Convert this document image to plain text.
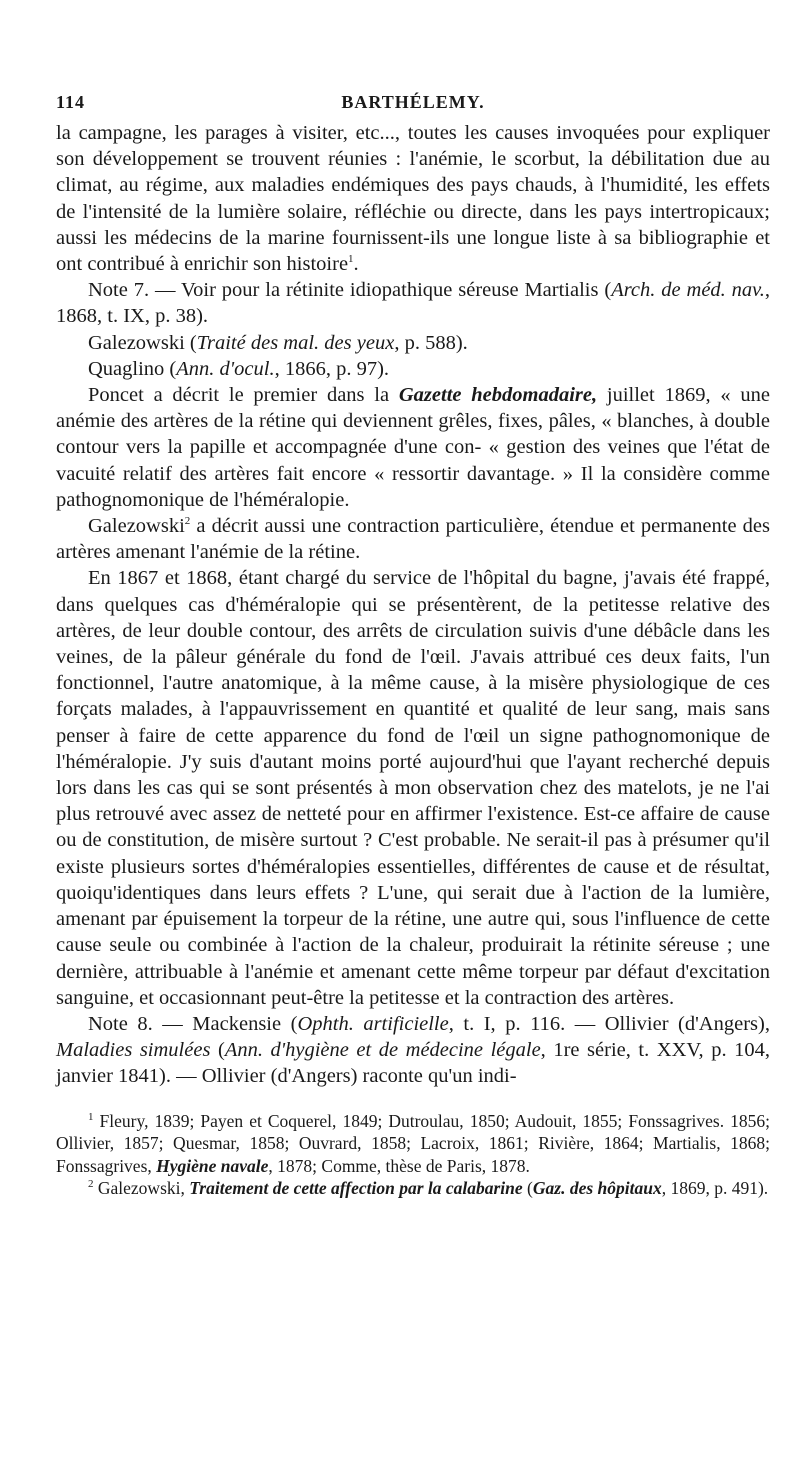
114	BARTHÉLEMY.

la campagne, les parages à visiter, etc..., toutes les causes invoquées pour expliquer son développement se trouvent réunies : l'anémie, le scorbut, la débilitation due au climat, au régime, aux maladies endémiques des pays chauds, à l'humidité, les effets de l'intensité de la lumière solaire, réfléchie ou directe, dans les pays intertropicaux; aussi les médecins de la marine fournissent-ils une longue liste à sa bibliographie et ont contribué à enrichir son histoire$^1$.

Note 7. — Voir pour la rétinite idiopathique séreuse Martialis (Arch. de méd. nav., 1868, t. IX, p. 38).

Galezowski (Traité des mal. des yeux, p. 588).

Quaglino (Ann. d'ocul., 1866, p. 97).

Poncet a décrit le premier dans la Gazette hebdomadaire, juillet 1869, « une anémie des artères de la rétine qui deviennent grêles, fixes, pâles, « blanches, à double contour vers la papille et accompagnée d'une con- « gestion des veines que l'état de vacuité relatif des artères fait encore « ressortir davantage. » Il la considère comme pathognomonique de l'héméralopie.

Galezowski$^2$ a décrit aussi une contraction particulière, étendue et permanente des artères amenant l'anémie de la rétine.

En 1867 et 1868, étant chargé du service de l'hôpital du bagne, j'avais été frappé, dans quelques cas d'héméralopie qui se présentèrent, de la petitesse relative des artères, de leur double contour, des arrêts de circulation suivis d'une débâcle dans les veines, de la pâleur générale du fond de l'œil. J'avais attribué ces deux faits, l'un fonctionnel, l'autre anatomique, à la même cause, à la misère physiologique de ces forçats malades, à l'appauvrissement en quantité et qualité de leur sang, mais sans penser à faire de cette apparence du fond de l'œil un signe pathognomonique de l'héméralopie. J'y suis d'autant moins porté aujourd'hui que l'ayant recherché depuis lors dans les cas qui se sont présentés à mon observation chez des matelots, je ne l'ai plus retrouvé avec assez de netteté pour en affirmer l'existence. Est-ce affaire de cause ou de constitution, de misère surtout ? C'est probable. Ne serait-il pas à présumer qu'il existe plusieurs sortes d'héméralopies essentielles, différentes de cause et de résultat, quoiqu'identiques dans leurs effets ? L'une, qui serait due à l'action de la lumière, amenant par épuisement la torpeur de la rétine, une autre qui, sous l'influence de cette cause seule ou combinée à l'action de la chaleur, produirait la rétinite séreuse ; une dernière, attribuable à l'anémie et amenant cette même torpeur par défaut d'excitation sanguine, et occasionnant peut-être la petitesse et la contraction des artères.

Note 8. — Mackensie (Ophth. artificielle, t. I, p. 116. — Ollivier (d'Angers), Maladies simulées (Ann. d'hygiène et de médecine légale, 1re série, t. XXV, p. 104, janvier 1841). — Ollivier (d'Angers) raconte qu'un indi-

$^1$ Fleury, 1839; Payen et Coquerel, 1849; Dutroulau, 1850; Audouit, 1855; Fonssagrives. 1856; Ollivier, 1857; Quesmar, 1858; Ouvrard, 1858; Lacroix, 1861; Rivière, 1864; Martialis, 1868; Fonssagrives, Hygiène navale, 1878; Comme, thèse de Paris, 1878.

$^2$ Galezowski, Traitement de cette affection par la calabarine (Gaz. des hôpitaux, 1869, p. 491).
